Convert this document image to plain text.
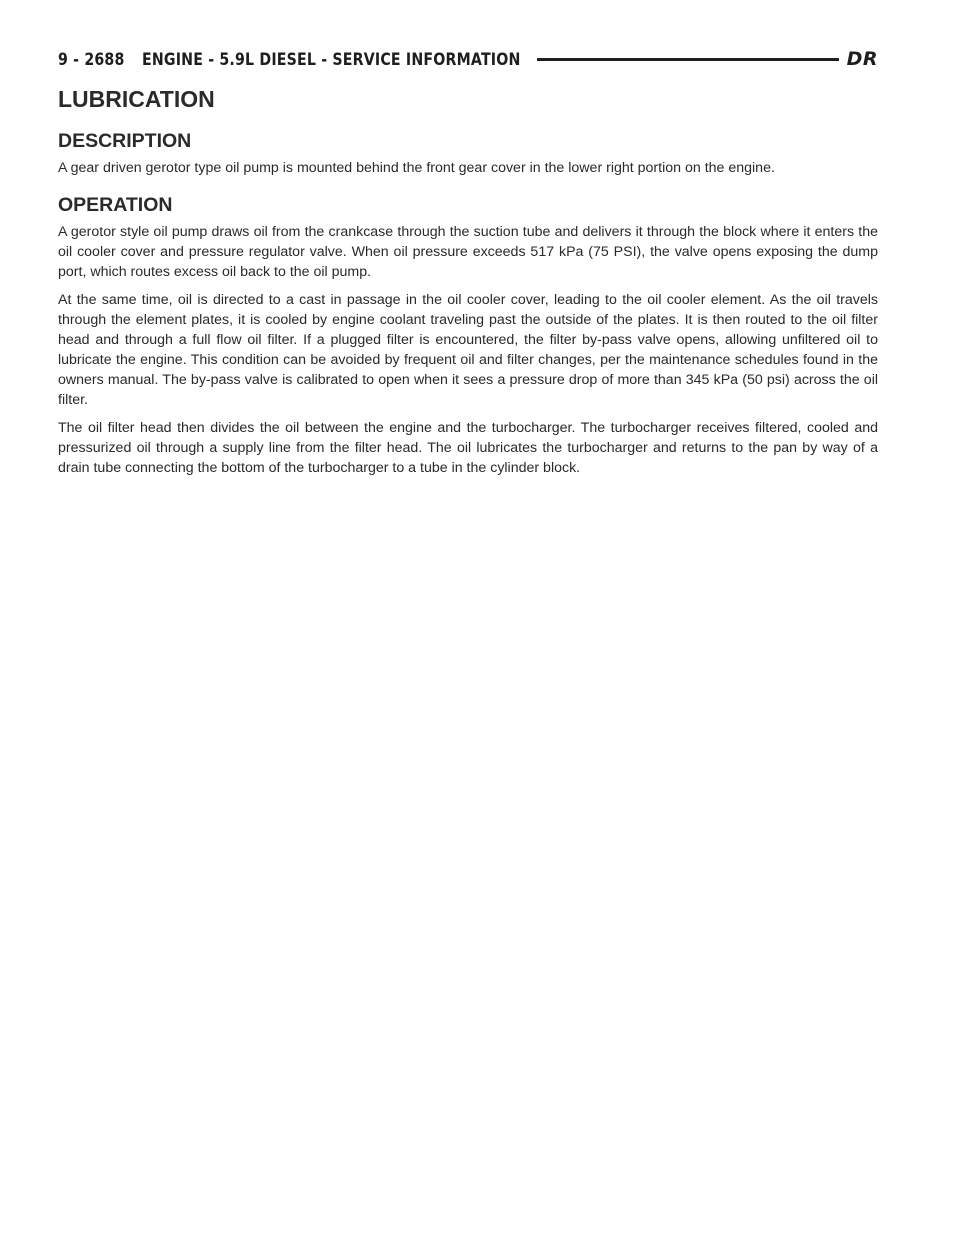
9 - 2688	ENGINE - 5.9L DIESEL - SERVICE INFORMATION	DR
LUBRICATION
DESCRIPTION

A gear driven gerotor type oil pump is mounted behind the front gear cover in the lower right portion on the engine.

OPERATION

A gerotor style oil pump draws oil from the crankcase through the suction tube and delivers it through the block where it enters the oil cooler cover and pressure regulator valve. When oil pressure exceeds 517 kPa (75 PSI), the valve opens exposing the dump port, which routes excess oil back to the oil pump.

At the same time, oil is directed to a cast in passage in the oil cooler cover, leading to the oil cooler element. As the oil travels through the element plates, it is cooled by engine coolant traveling past the outside of the plates. It is then routed to the oil filter head and through a full flow oil filter. If a plugged filter is encountered, the filter by-pass valve opens, allowing unfiltered oil to lubricate the engine. This condition can be avoided by frequent oil and filter changes, per the maintenance schedules found in the owners manual. The by-pass valve is calibrated to open when it sees a pressure drop of more than 345 kPa (50 psi) across the oil filter.

The oil filter head then divides the oil between the engine and the turbocharger. The turbocharger receives filtered, cooled and pressurized oil through a supply line from the filter head. The oil lubricates the turbocharger and returns to the pan by way of a drain tube connecting the bottom of the turbocharger to a tube in the cylinder block.
